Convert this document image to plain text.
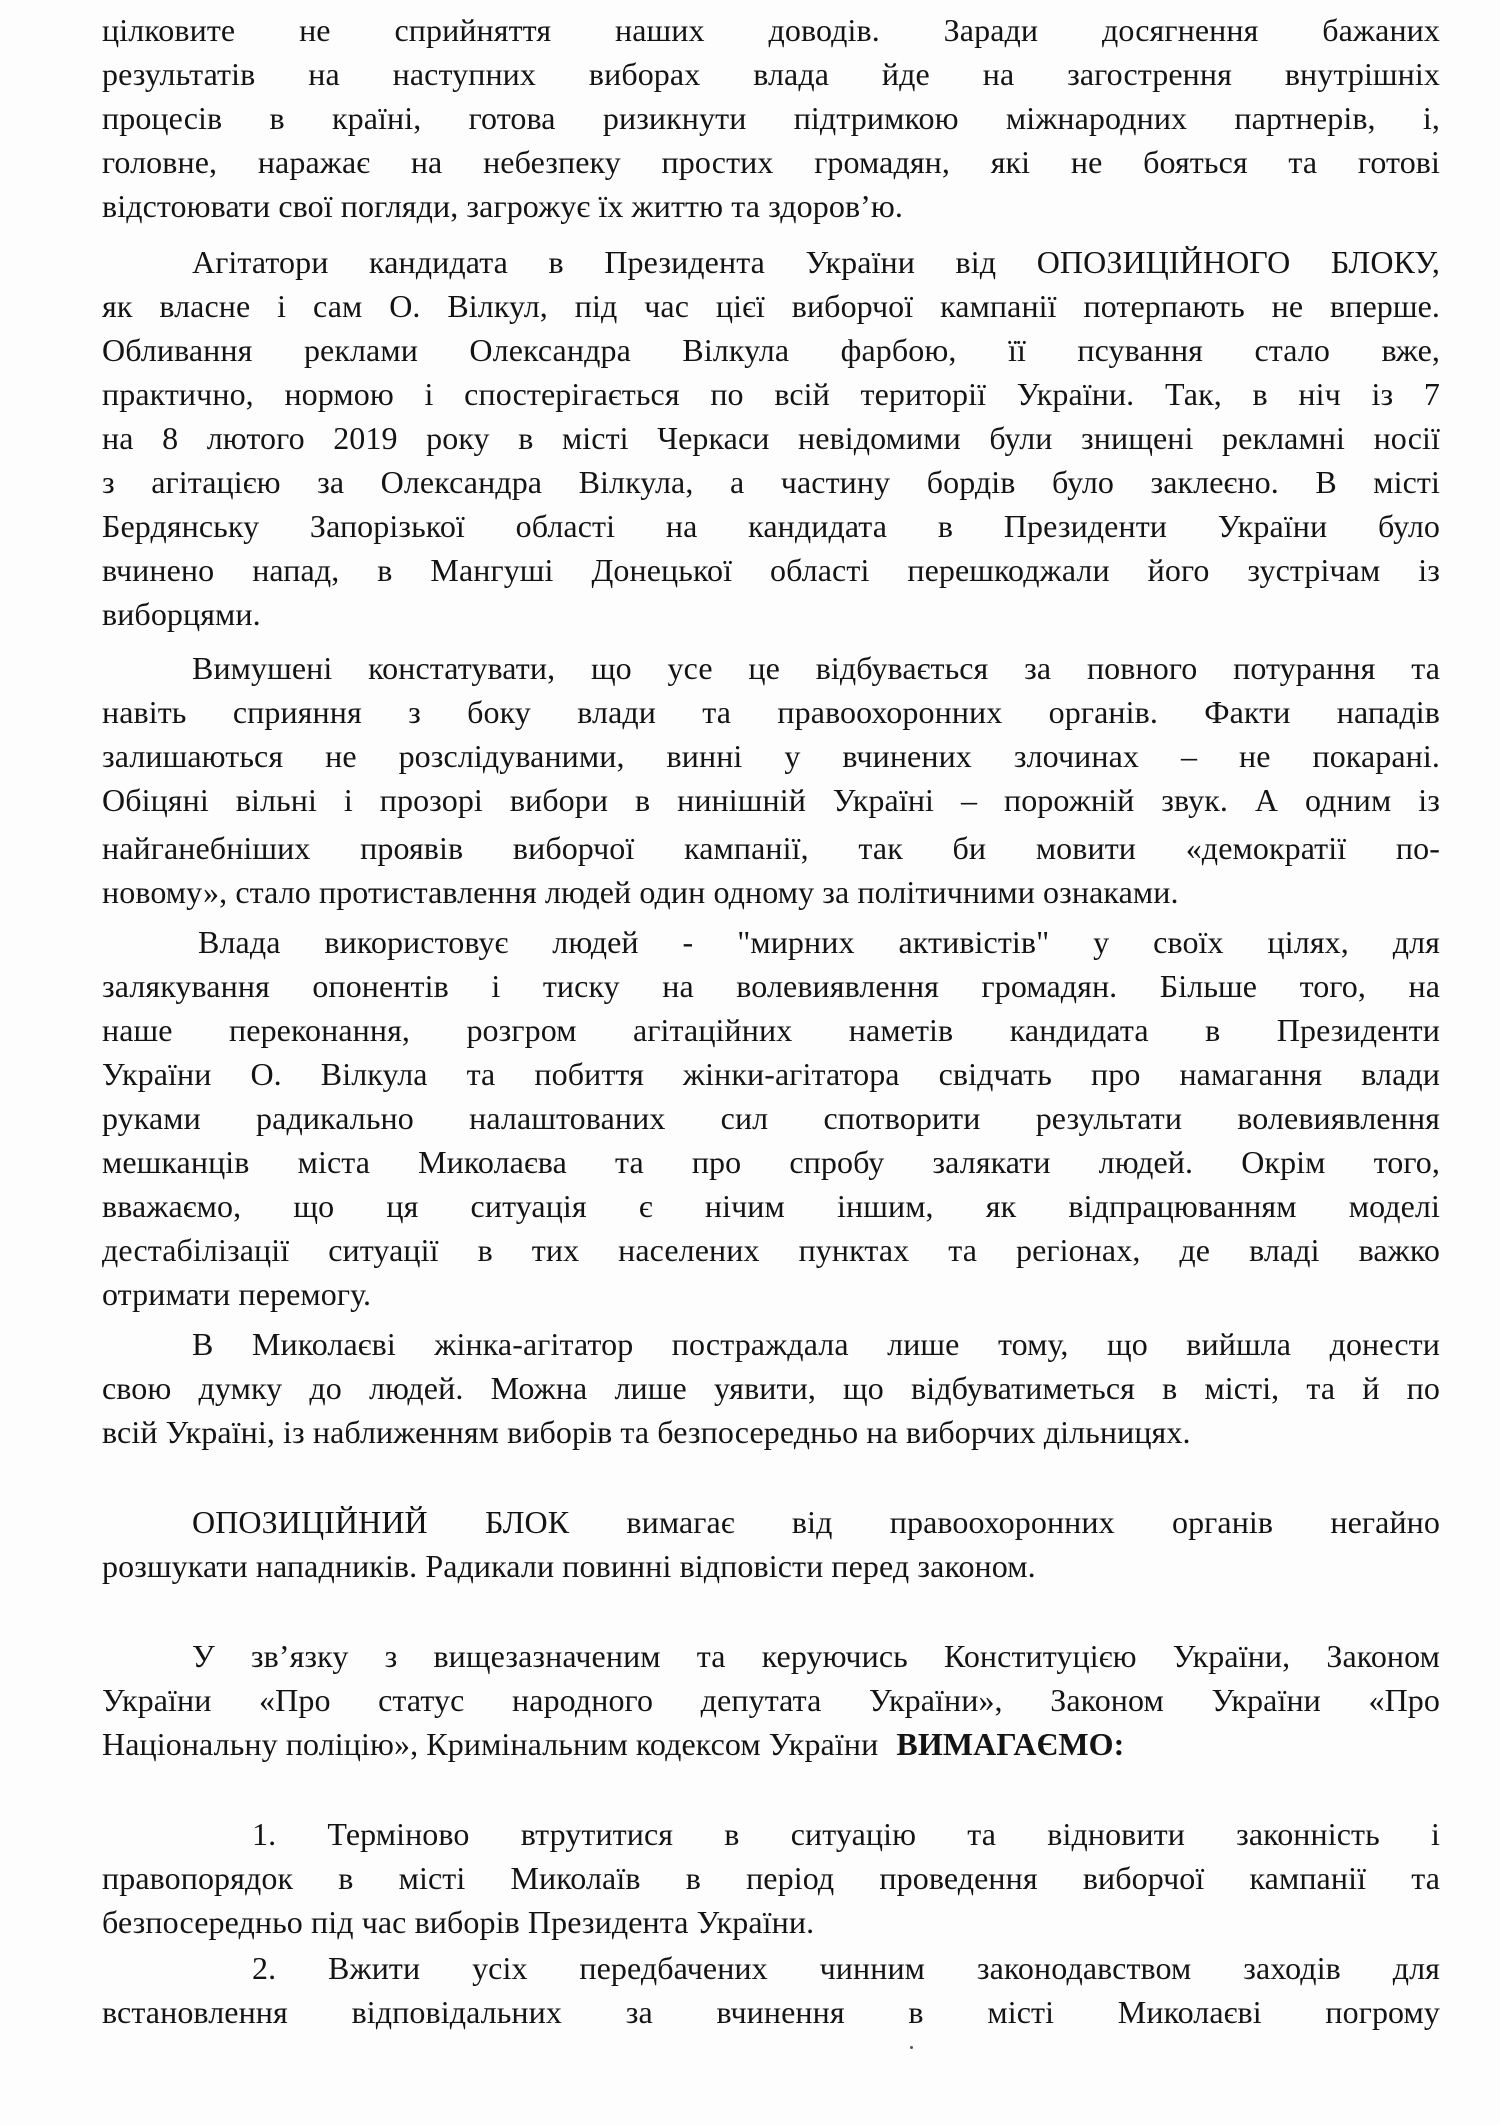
цілковите не сприйняття наших доводів. Заради досягнення бажаних
результатів на наступних виборах влада йде на загострення внутрішніх
процесів в країні, готова ризикнути підтримкою міжнародних партнерів, і,
головне, наражає на небезпеку простих громадян, які не бояться та готові
відстоювати свої погляди, загрожує їх життю та здоров’ю.
Агітатори кандидата в Президента України від ОПОЗИЦІЙНОГО БЛОКУ,
як власне і сам О. Вілкул, під час цієї виборчої кампанії потерпають не вперше.
Обливання реклами Олександра Вілкула фарбою, її псування стало вже,
практично, нормою і спостерігається по всій території України. Так, в ніч із 7
на 8 лютого 2019 року в місті Черкаси невідомими були знищені рекламні носії
з агітацією за Олександра Вілкула, а частину бордів було заклеєно. В місті
Бердянську Запорізької області на кандидата в Президенти України було
вчинено напад, в Мангуші Донецької області перешкоджали його зустрічам із
виборцями.
Вимушені констатувати, що усе це відбувається за повного потурання та
навіть сприяння з боку влади та правоохоронних органів. Факти нападів
залишаються не розслідуваними, винні у вчинених злочинах – не покарані.
Обіцяні вільні і прозорі вибори в нинішній Україні – порожній звук. А одним із
найганебніших проявів виборчої кампанії, так би мовити «демократії по-
новому», стало протиставлення людей один одному за політичними ознаками.
Влада використовує людей - "мирних активістів" у своїх цілях, для
залякування опонентів і тиску на волевиявлення громадян. Більше того, на
наше переконання, розгром агітаційних наметів кандидата в Президенти
України О. Вілкула та побиття жінки-агітатора свідчать про намагання влади
руками радикально налаштованих сил спотворити результати волевиявлення
мешканців міста Миколаєва та про спробу залякати людей. Окрім того,
вважаємо, що ця ситуація є нічим іншим, як відпрацюванням моделі
дестабілізації ситуації в тих населених пунктах та регіонах, де владі важко
отримати перемогу.
В Миколаєві жінка-агітатор постраждала лише тому, що вийшла донести
свою думку до людей. Можна лише уявити, що відбуватиметься в місті, та й по
всій Україні, із наближенням виборів та безпосередньо на виборчих дільницях.
ОПОЗИЦІЙНИЙ БЛОК вимагає від правоохоронних органів негайно
розшукати нападників. Радикали повинні відповісти перед законом.
У зв’язку з вищезазначеним та керуючись Конституцією України, Законом
України «Про статус народного депутата України», Законом України «Про
Національну поліцію», Кримінальним кодексом України ВИМАГАЄМО:
1. Терміново втрутитися в ситуацію та відновити законність і
правопорядок в місті Миколаїв в період проведення виборчої кампанії та
безпосередньо під час виборів Президента України.
2. Вжити усіх передбачених чинним законодавством заходів для
встановлення відповідальних за вчинення в місті Миколаєві погрому
